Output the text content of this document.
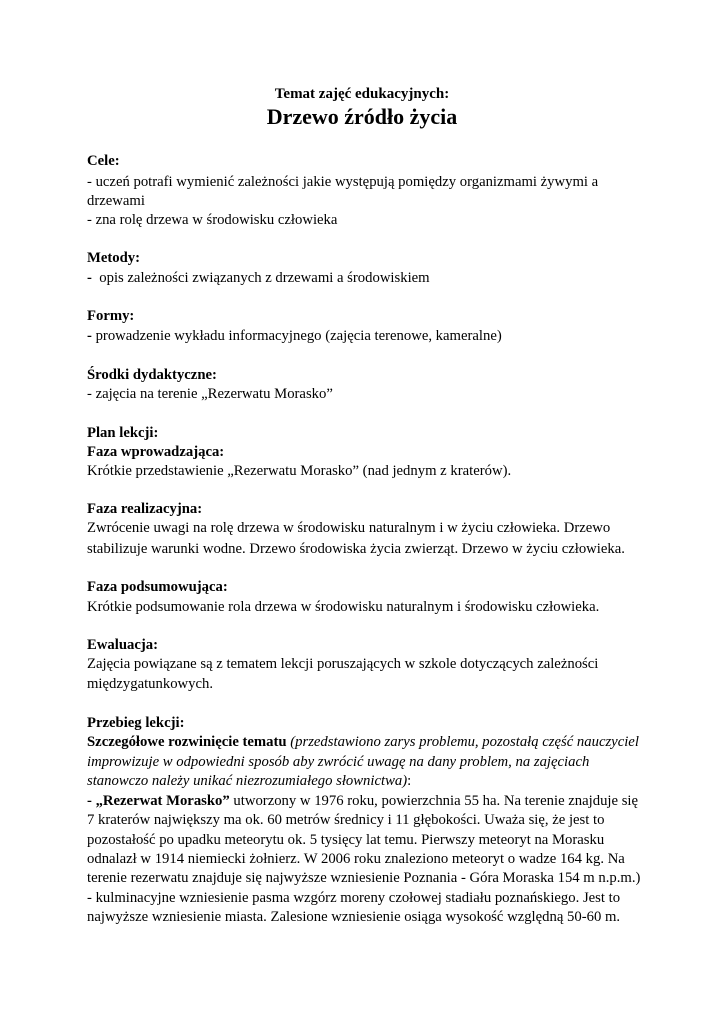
Temat zajęć edukacyjnych:
Drzewo źródło życia
Cele:
- uczeń potrafi wymienić zależności jakie występują pomiędzy organizmami żywymi a
drzewami
- zna rolę drzewa w środowisku człowieka
Metody:
-  opis zależności związanych z drzewami a środowiskiem
Formy:
- prowadzenie wykładu informacyjnego (zajęcia terenowe, kameralne)
Środki dydaktyczne:
- zajęcia na terenie „Rezerwatu Morasko”
Plan lekcji:
Faza wprowadzająca:
Krótkie przedstawienie „Rezerwatu Morasko” (nad jednym z kraterów).
Faza realizacyjna:
Zwrócenie uwagi na rolę drzewa w środowisku naturalnym i w życiu człowieka. Drzewo
stabilizuje warunki wodne. Drzewo środowiska życia zwierząt. Drzewo w życiu człowieka.
Faza podsumowująca:
Krótkie podsumowanie rola drzewa w środowisku naturalnym i środowisku człowieka.
Ewaluacja:
Zajęcia powiązane są z tematem lekcji poruszających w szkole dotyczących zależności
międzygatunkowych.
Przebieg lekcji:
Szczegółowe rozwinięcie tematu (przedstawiono zarys problemu, pozostałą część nauczyciel
improwizuje w odpowiedni sposób aby zwrócić uwagę na dany problem, na zajęciach
stanowczo należy unikać niezrozumiałego słownictwa):
- „Rezerwat Morasko” utworzony w 1976 roku, powierzchnia 55 ha. Na terenie znajduje się
7 kraterów największy ma ok. 60 metrów średnicy i 11 głębokości. Uważa się, że jest to
pozostałość po upadku meteorytu ok. 5 tysięcy lat temu. Pierwszy meteoryt na Morasku
odnalazł w 1914 niemiecki żołnierz. W 2006 roku znaleziono meteoryt o wadze 164 kg. Na
terenie rezerwatu znajduje się najwyższe wzniesienie Poznania - Góra Moraska 154 m n.p.m.)
- kulminacyjne wzniesienie pasma wzgórz moreny czołowej stadiału poznańskiego. Jest to
najwyższe wzniesienie miasta. Zalesione wzniesienie osiąga wysokość względną 50-60 m.
